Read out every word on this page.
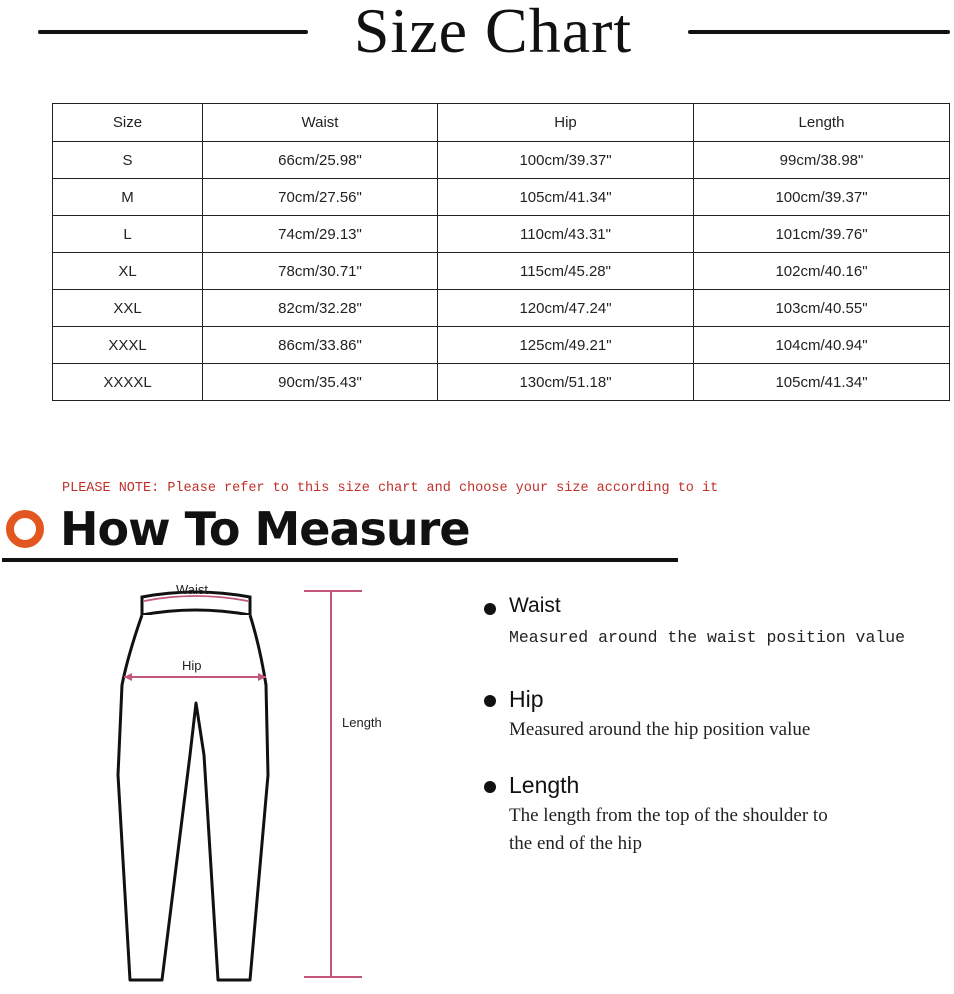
Size Chart
Size	Waist	Hip	Length
S	66cm/25.98"	100cm/39.37"	99cm/38.98"
M	70cm/27.56"	105cm/41.34"	100cm/39.37"
L	74cm/29.13"	110cm/43.31"	101cm/39.76"
XL	78cm/30.71"	115cm/45.28"	102cm/40.16"
XXL	82cm/32.28"	120cm/47.24"	103cm/40.55"
XXXL	86cm/33.86"	125cm/49.21"	104cm/40.94"
XXXXL	90cm/35.43"	130cm/51.18"	105cm/41.34"
PLEASE NOTE: Please refer to this size chart and choose your size according to it
How To Measure
Waist
Hip
Length
Waist
Measured around the waist position value
Hip
Measured around the hip position value
Length
The length from the top of the shoulder to
the end of the hip
